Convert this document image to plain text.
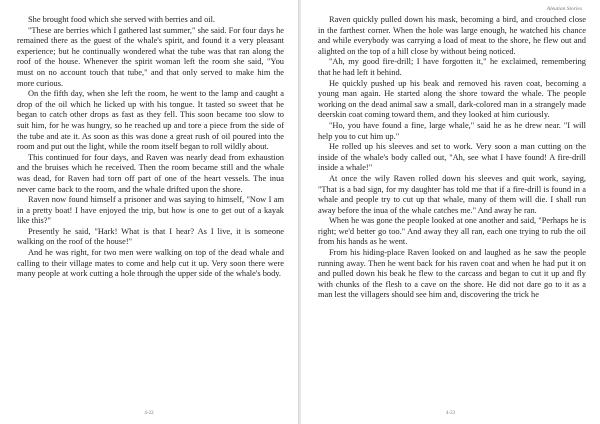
She brought food which she served with berries and oil.

"These are berries which I gathered last summer," she said. For four days he remained there as the guest of the whale's spirit, and found it a very pleasant experience; but he continually wondered what the tube was that ran along the roof of the house. Whenever the spirit woman left the room she said, "You must on no account touch that tube," and that only served to make him the more curious.

On the fifth day, when she left the room, he went to the lamp and caught a drop of the oil which he licked up with his tongue. It tasted so sweet that he began to catch other drops as fast as they fell. This soon became too slow to suit him, for he was hungry, so he reached up and tore a piece from the side of the tube and ate it. As soon as this was done a great rush of oil poured into the room and put out the light, while the room itself began to roll wildly about.

This continued for four days, and Raven was nearly dead from exhaustion and the bruises which he received. Then the room became still and the whale was dead, for Raven had torn off part of one of the heart vessels. The inua never came back to the room, and the whale drifted upon the shore.

Raven now found himself a prisoner and was saying to himself, "Now I am in a pretty boat! I have enjoyed the trip, but how is one to get out of a kayak like this?"

Presently he said, "Hark! What is that I hear? As I live, it is someone walking on the roof of the house!"

And he was right, for two men were walking on top of the dead whale and calling to their village mates to come and help cut it up. Very soon there were many people at work cutting a hole through the upper side of the whale's body.

4-22
Aleutian Stories

Raven quickly pulled down his mask, becoming a bird, and crouched close in the farthest corner. When the hole was large enough, he watched his chance and while everybody was carrying a load of meat to the shore, he flew out and alighted on the top of a hill close by without being noticed.

"Ah, my good fire-drill; I have forgotten it," he exclaimed, remembering that he had left it behind.

He quickly pushed up his beak and removed his raven coat, becoming a young man again. He started along the shore toward the whale. The people working on the dead animal saw a small, dark-colored man in a strangely made deerskin coat coming toward them, and they looked at him curiously.

"Ho, you have found a fine, large whale," said he as he drew near. "I will help you to cut him up."

He rolled up his sleeves and set to work. Very soon a man cutting on the inside of the whale's body called out, "Ah, see what I have found! A fire-drill inside a whale!"

At once the wily Raven rolled down his sleeves and quit work, saying, "That is a bad sign, for my daughter has told me that if a fire-drill is found in a whale and people try to cut up that whale, many of them will die. I shall run away before the inua of the whale catches me." And away he ran.

When he was gone the people looked at one another and said, "Perhaps he is right; we'd better go too." And away they all ran, each one trying to rub the oil from his hands as he went.

From his hiding-place Raven looked on and laughed as he saw the people running away. Then he went back for his raven coat and when he had put it on and pulled down his beak he flew to the carcass and began to cut it up and fly with chunks of the flesh to a cave on the shore. He did not dare go to it as a man lest the villagers should see him and, discovering the trick he

4-23
